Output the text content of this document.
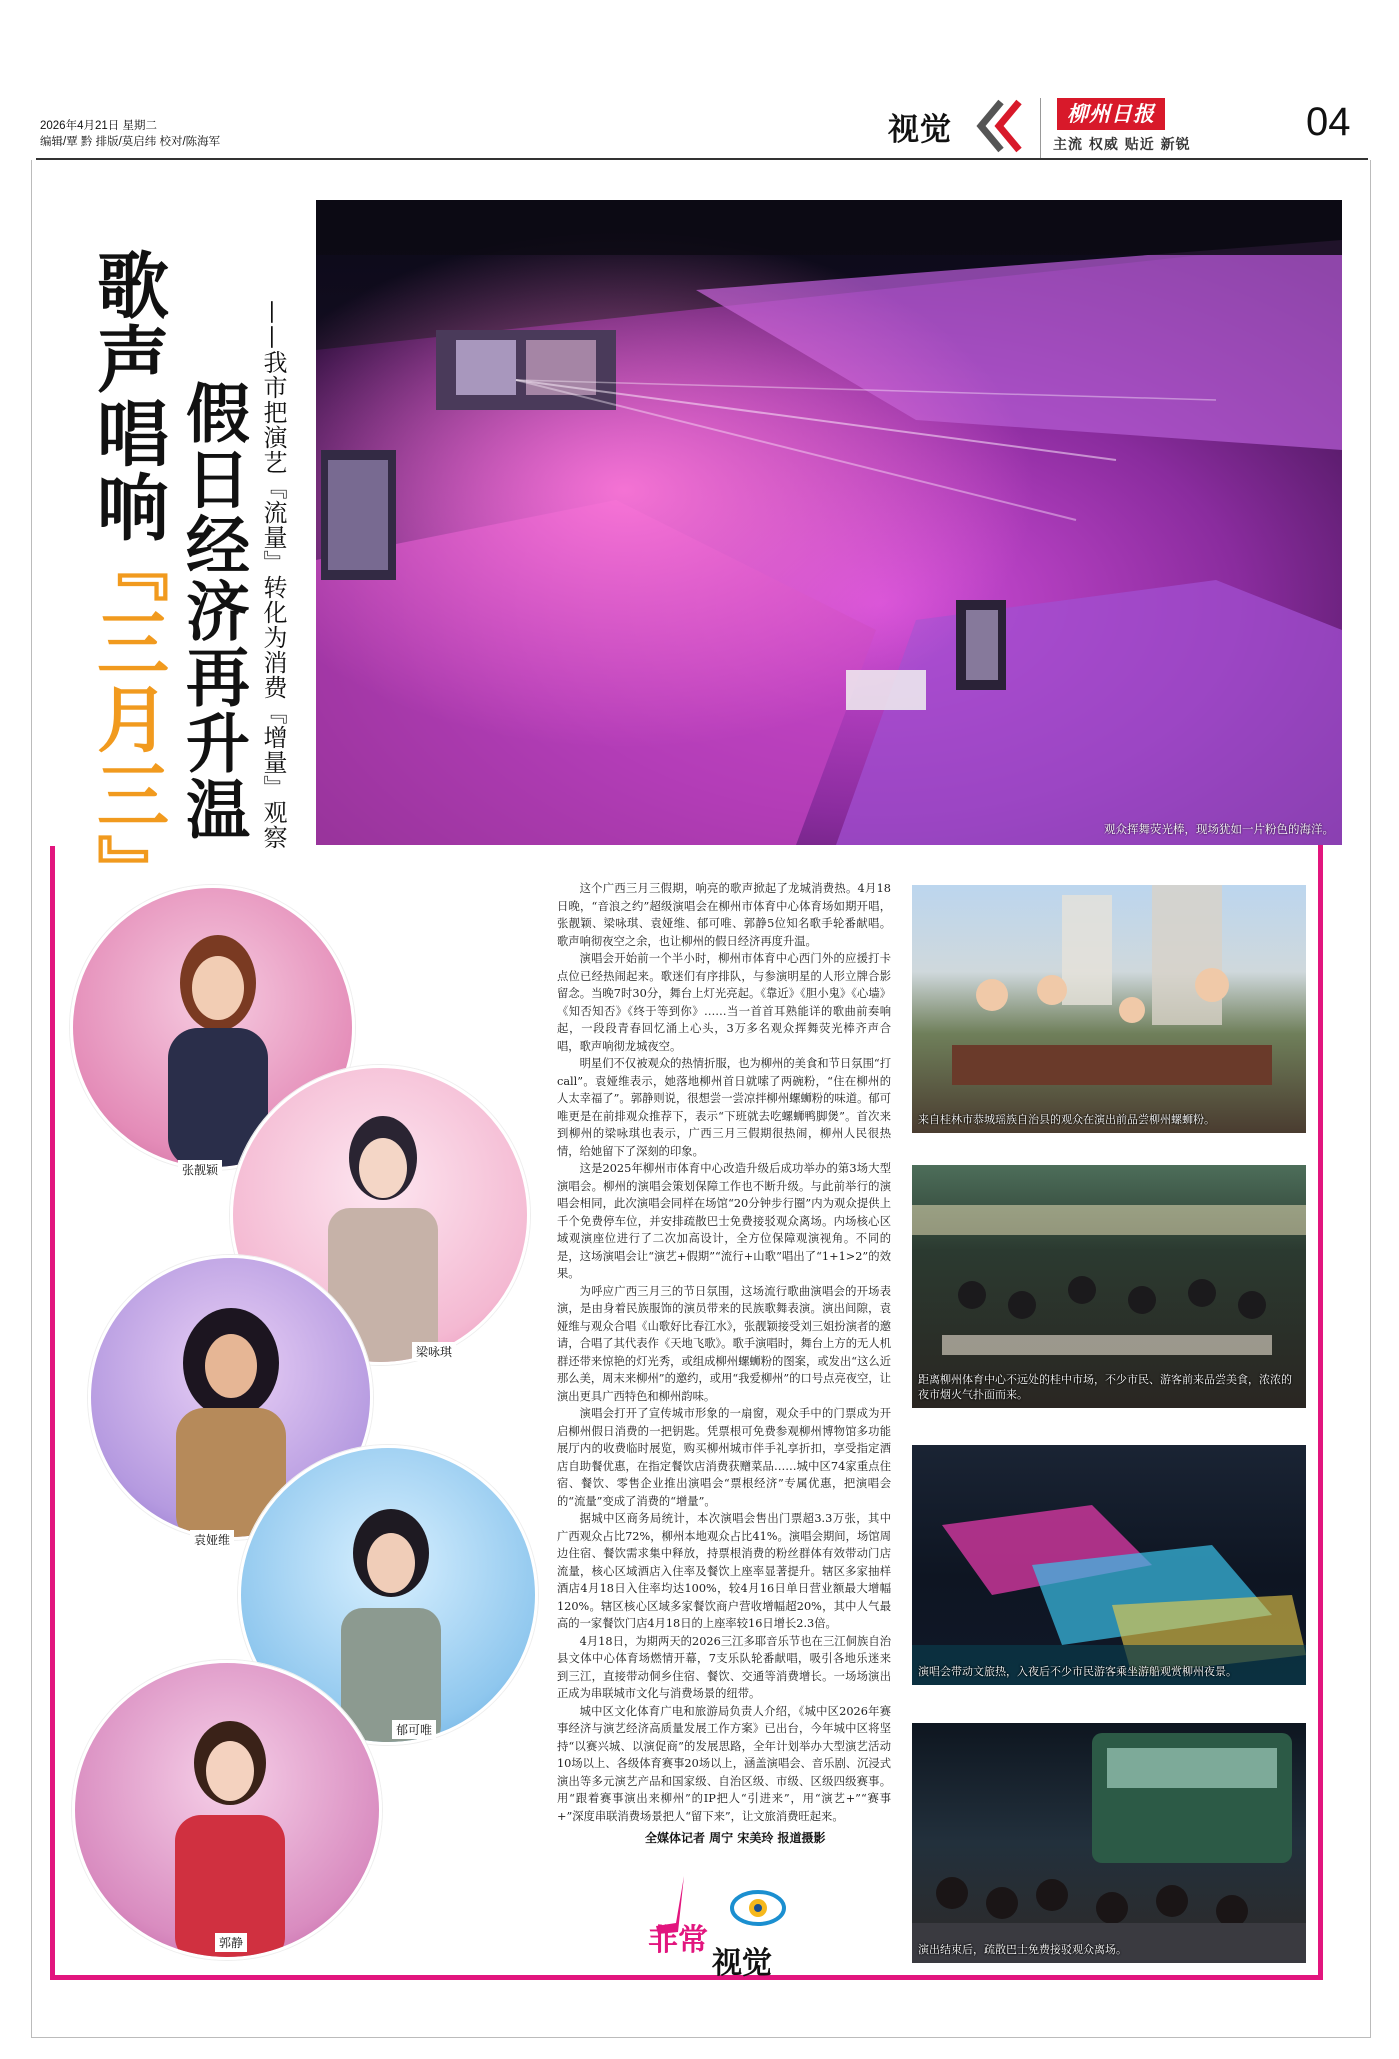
2026年4月21日 星期二
编辑/覃 黔 排版/莫启纬 校对/陈海军	视觉	柳州日报
主流 权威 贴近 新锐
04
歌声唱响
『三月三』 假日经济再升温 ——我市把演艺『流量』转化为消费『增量』观察	观众挥舞荧光棒，现场犹如一片粉色的海洋。
张靓颖
梁咏琪
袁娅维
郁可唯
郭静

这个广西三月三假期，响亮的歌声掀起了龙城消费热。4月18日晚，“音浪之约”超级演唱会在柳州市体育中心体育场如期开唱，张靓颖、梁咏琪、袁娅维、郁可唯、郭静5位知名歌手轮番献唱。歌声响彻夜空之余，也让柳州的假日经济再度升温。

演唱会开始前一个半小时，柳州市体育中心西门外的应援打卡点位已经热闹起来。歌迷们有序排队，与参演明星的人形立牌合影留念。当晚7时30分，舞台上灯光亮起。《靠近》《胆小鬼》《心墙》《知否知否》《终于等到你》……当一首首耳熟能详的歌曲前奏响起，一段段青春回忆涌上心头，3万多名观众挥舞荧光棒齐声合唱，歌声响彻龙城夜空。

明星们不仅被观众的热情折服，也为柳州的美食和节日氛围“打call”。袁娅维表示，她落地柳州首日就嗦了两碗粉，“住在柳州的人太幸福了”。郭静则说，很想尝一尝凉拌柳州螺蛳粉的味道。郁可唯更是在前排观众推荐下，表示“下班就去吃螺蛳鸭脚煲”。首次来到柳州的梁咏琪也表示，广西三月三假期很热闹，柳州人民很热情，给她留下了深刻的印象。

这是2025年柳州市体育中心改造升级后成功举办的第3场大型演唱会。柳州的演唱会策划保障工作也不断升级。与此前举行的演唱会相同，此次演唱会同样在场馆“20分钟步行圈”内为观众提供上千个免费停车位，并安排疏散巴士免费接驳观众离场。内场核心区域观演座位进行了二次加高设计，全方位保障观演视角。不同的是，这场演唱会让“演艺+假期”“流行+山歌”唱出了“1+1>2”的效果。

为呼应广西三月三的节日氛围，这场流行歌曲演唱会的开场表演，是由身着民族服饰的演员带来的民族歌舞表演。演出间隙，袁娅维与观众合唱《山歌好比春江水》，张靓颖接受刘三姐扮演者的邀请，合唱了其代表作《天地飞歌》。歌手演唱时，舞台上方的无人机群还带来惊艳的灯光秀，或组成柳州螺蛳粉的图案，或发出“这么近那么美，周末来柳州”的邀约，或用“我爱柳州”的口号点亮夜空，让演出更具广西特色和柳州韵味。

演唱会打开了宣传城市形象的一扇窗，观众手中的门票成为开启柳州假日消费的一把钥匙。凭票根可免费参观柳州博物馆多功能展厅内的收费临时展览，购买柳州城市伴手礼享折扣，享受指定酒店自助餐优惠，在指定餐饮店消费获赠菜品……城中区74家重点住宿、餐饮、零售企业推出演唱会“票根经济”专属优惠，把演唱会的“流量”变成了消费的“增量”。

据城中区商务局统计，本次演唱会售出门票超3.3万张，其中广西观众占比72%，柳州本地观众占比41%。演唱会期间，场馆周边住宿、餐饮需求集中释放，持票根消费的粉丝群体有效带动门店流量，核心区域酒店入住率及餐饮上座率显著提升。辖区多家抽样酒店4月18日入住率均达100%，较4月16日单日营业额最大增幅120%。辖区核心区域多家餐饮商户营收增幅超20%，其中人气最高的一家餐饮门店4月18日的上座率较16日增长2.3倍。

4月18日，为期两天的2026三江多耶音乐节也在三江侗族自治县文体中心体育场燃情开幕，7支乐队轮番献唱，吸引各地乐迷来到三江，直接带动侗乡住宿、餐饮、交通等消费增长。一场场演出正成为串联城市文化与消费场景的纽带。

城中区文化体育广电和旅游局负责人介绍，《城中区2026年赛事经济与演艺经济高质量发展工作方案》已出台，今年城中区将坚持“以赛兴城、以演促商”的发展思路，全年计划举办大型演艺活动10场以上、各级体育赛事20场以上，涵盖演唱会、音乐剧、沉浸式演出等多元演艺产品和国家级、自治区级、市级、区级四级赛事。用“跟着赛事演出来柳州”的IP把人“引进来”，用“演艺+”“赛事+”深度串联消费场景把人“留下来”，让文旅消费旺起来。

全媒体记者 周宁 宋美玲 报道摄影
来自桂林市恭城瑶族自治县的观众在演出前品尝柳州螺蛳粉。
距离柳州体育中心不远处的桂中市场，不少市民、游客前来品尝美食，浓浓的夜市烟火气扑面而来。
演唱会带动文旅热，入夜后不少市民游客乘坐游船观赏柳州夜景。
演出结束后，疏散巴士免费接驳观众离场。
非常
视觉
